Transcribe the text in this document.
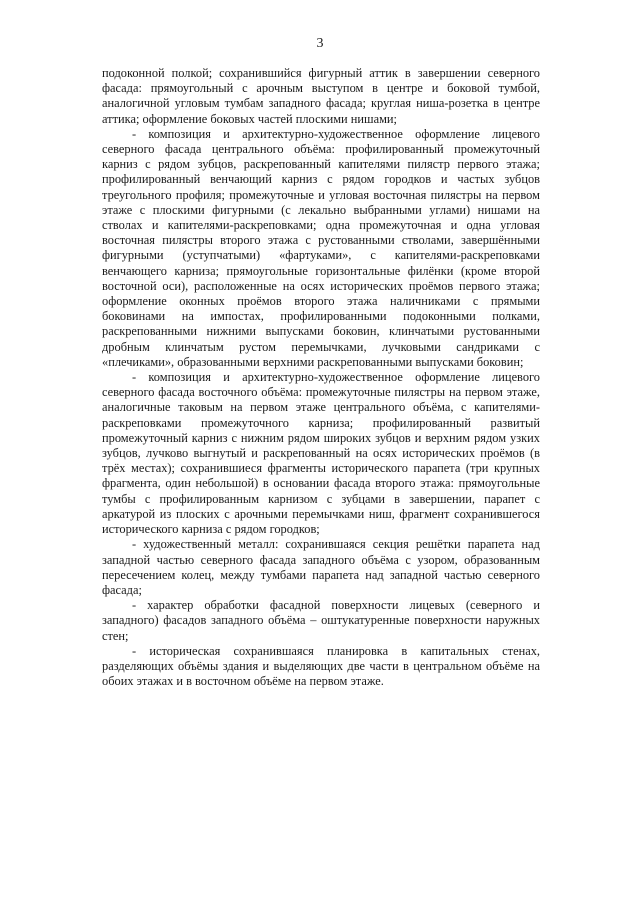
3

подоконной полкой; сохранившийся фигурный аттик в завершении северного фасада: прямоугольный с арочным выступом в центре и боковой тумбой, аналогичной угловым тумбам западного фасада; круглая ниша-розетка в центре аттика; оформление боковых частей плоскими нишами;

- композиция и архитектурно-художественное оформление лицевого северного фасада центрального объёма: профилированный промежуточный карниз с рядом зубцов, раскрепованный капителями пилястр первого этажа; профилированный венчающий карниз с рядом городков и частых зубцов треугольного профиля; промежуточные и угловая восточная пилястры на первом этаже с плоскими фигурными (с лекально выбранными углами) нишами на стволах и капителями-раскреповками; одна промежуточная и одна угловая восточная пилястры второго этажа с рустованными стволами, завершёнными фигурными (уступчатыми) «фартуками», с капителями-раскреповками венчающего карниза; прямоугольные горизонтальные филёнки (кроме второй восточной оси), расположенные на осях исторических проёмов первого этажа; оформление оконных проёмов второго этажа наличниками с прямыми боковинами на импостах, профилированными подоконными полками, раскрепованными нижними выпусками боковин, клинчатыми рустованными дробным клинчатым рустом перемычками, лучковыми сандриками с «плечиками», образованными верхними раскрепованными выпусками боковин;

- композиция и архитектурно-художественное оформление лицевого северного фасада восточного объёма: промежуточные пилястры на первом этаже, аналогичные таковым на первом этаже центрального объёма, с капителями-раскреповками промежуточного карниза; профилированный развитый промежуточный карниз с нижним рядом широких зубцов и верхним рядом узких зубцов, лучково выгнутый и раскрепованный на осях исторических проёмов (в трёх местах); сохранившиеся фрагменты исторического парапета (три крупных фрагмента, один небольшой) в основании фасада второго этажа: прямоугольные тумбы с профилированным карнизом с зубцами в завершении, парапет с аркатурой из плоских с арочными перемычками ниш, фрагмент сохранившегося исторического карниза с рядом городков;

- художественный металл: сохранившаяся секция решётки парапета над западной частью северного фасада западного объёма с узором, образованным пересечением колец, между тумбами парапета над западной частью северного фасада;

- характер обработки фасадной поверхности лицевых (северного и западного) фасадов западного объёма – оштукатуренные поверхности наружных стен;

- историческая сохранившаяся планировка в капитальных стенах, разделяющих объёмы здания и выделяющих две части в центральном объёме на обоих этажах и в восточном объёме на первом этаже.
